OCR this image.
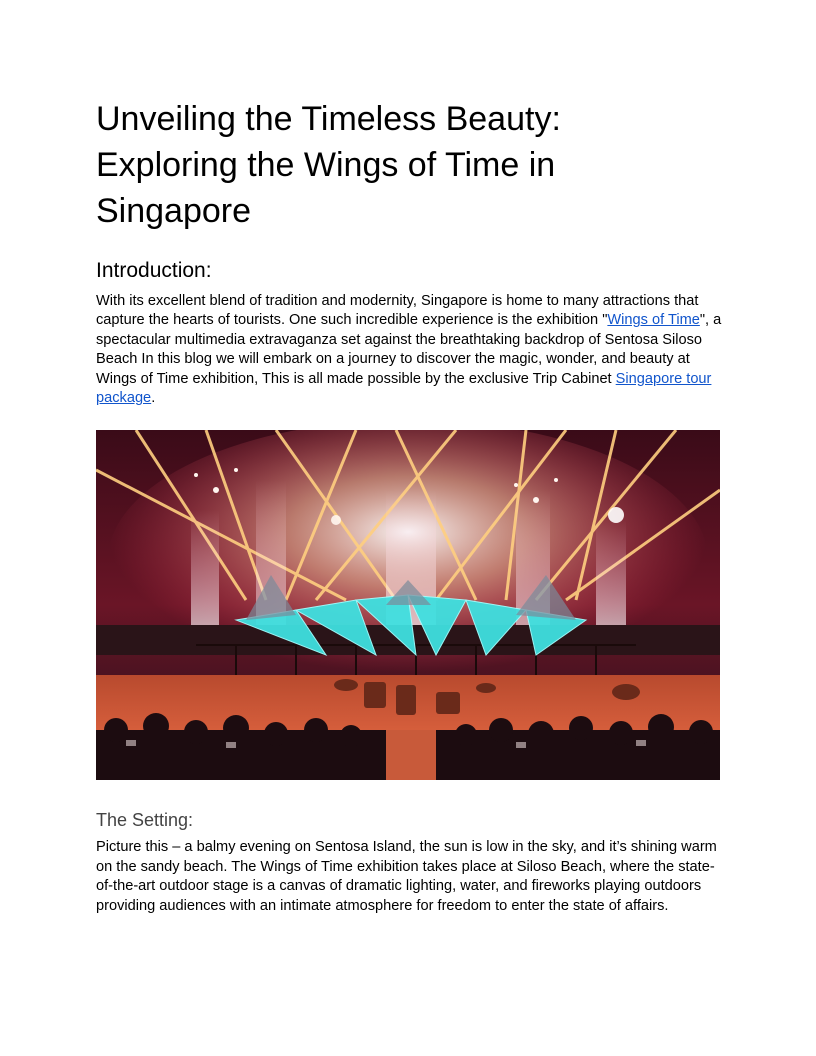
Unveiling the Timeless Beauty: Exploring the Wings of Time in Singapore
Introduction:

With its excellent blend of tradition and modernity, Singapore is home to many attractions that capture the hearts of tourists. One such incredible experience is the exhibition "Wings of Time", a spectacular multimedia extravaganza set against the breathtaking backdrop of Sentosa Siloso Beach In this blog we will embark on a journey to discover the magic, wonder, and beauty at Wings of Time exhibition, This is all made possible by the exclusive Trip Cabinet Singapore tour package.

The Setting:

Picture this – a balmy evening on Sentosa Island, the sun is low in the sky, and it’s shining warm on the sandy beach. The Wings of Time exhibition takes place at Siloso Beach, where the state-of-the-art outdoor stage is a canvas of dramatic lighting, water, and fireworks playing outdoors providing audiences with an intimate atmosphere for freedom to enter the state of affairs.
